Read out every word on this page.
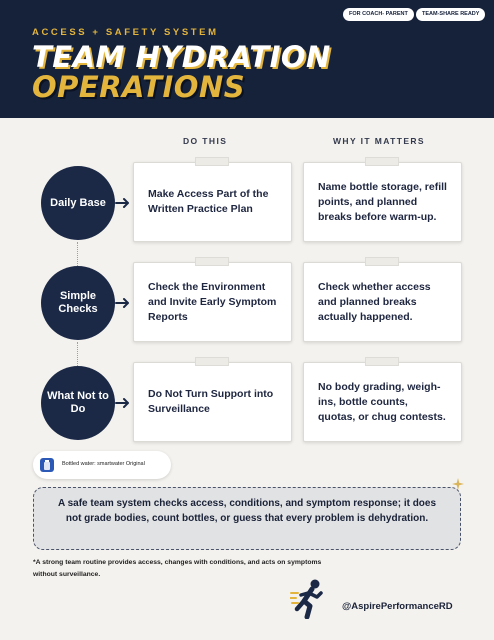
FOR COACH- PARENT	TEAM-SHARE READY
ACCESS + SAFETY SYSTEM
TEAM HYDRATION
OPERATIONS
DO THIS	WHY IT MATTERS
Daily Base
Make Access Part of the Written Practice Plan
Name bottle storage, refill points, and planned breaks before warm-up.
Simple Checks
Check the Environment and Invite Early Symptom Reports
Check whether access and planned breaks actually happened.
What Not to Do
Do Not Turn Support into Surveillance
No body grading, weigh-ins, bottle counts, quotas, or chug contests.
Bottled water: smartwater Original
A safe team system checks access, conditions, and symptom response; it does not grade bodies, count bottles, or guess that every problem is dehydration.
*A strong team routine provides access, changes with conditions, and acts on symptoms without surveillance.
@AspirePerformanceRD
